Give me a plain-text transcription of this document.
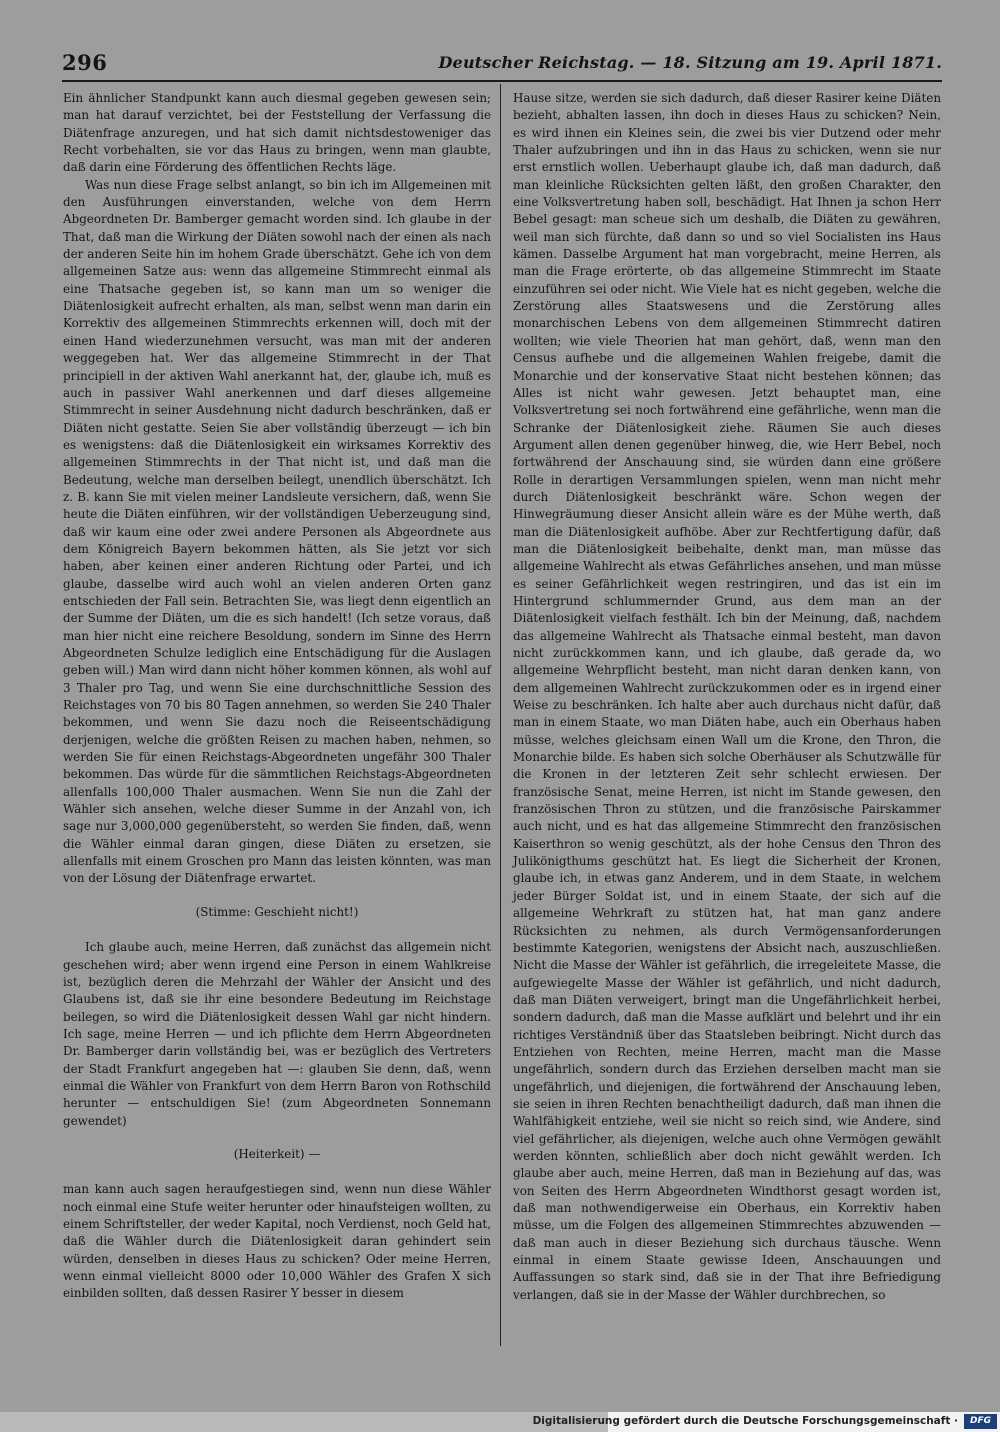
296	Deutscher Reichstag. — 18. Sitzung am 19. April 1871.

Ein ähnlicher Standpunkt kann auch diesmal gegeben gewesen sein; man hat darauf verzichtet, bei der Feststellung der Verfassung die Diätenfrage anzuregen, und hat sich damit nichtsdestoweniger das Recht vorbehalten, sie vor das Haus zu bringen, wenn man glaubte, daß darin eine Förderung des öffentlichen Rechts läge.

Was nun diese Frage selbst anlangt, so bin ich im Allgemeinen mit den Ausführungen einverstanden, welche von dem Herrn Abgeordneten Dr. Bamberger gemacht worden sind. Ich glaube in der That, daß man die Wirkung der Diäten sowohl nach der einen als nach der anderen Seite hin im hohem Grade überschätzt. Gehe ich von dem allgemeinen Satze aus: wenn das allgemeine Stimmrecht einmal als eine Thatsache gegeben ist, so kann man um so weniger die Diätenlosigkeit aufrecht erhalten, als man, selbst wenn man darin ein Korrektiv des allgemeinen Stimmrechts erkennen will, doch mit der einen Hand wiederzunehmen versucht, was man mit der anderen weggegeben hat. Wer das allgemeine Stimmrecht in der That principiell in der aktiven Wahl anerkannt hat, der, glaube ich, muß es auch in passiver Wahl anerkennen und darf dieses allgemeine Stimmrecht in seiner Ausdehnung nicht dadurch beschränken, daß er Diäten nicht gestatte. Seien Sie aber vollständig überzeugt — ich bin es wenigstens: daß die Diätenlosigkeit ein wirksames Korrektiv des allgemeinen Stimmrechts in der That nicht ist, und daß man die Bedeutung, welche man derselben beilegt, unendlich überschätzt. Ich z. B. kann Sie mit vielen meiner Landsleute versichern, daß, wenn Sie heute die Diäten einführen, wir der vollständigen Ueberzeugung sind, daß wir kaum eine oder zwei andere Personen als Abgeordnete aus dem Königreich Bayern bekommen hätten, als Sie jetzt vor sich haben, aber keinen einer anderen Richtung oder Partei, und ich glaube, dasselbe wird auch wohl an vielen anderen Orten ganz entschieden der Fall sein. Betrachten Sie, was liegt denn eigentlich an der Summe der Diäten, um die es sich handelt! (Ich setze voraus, daß man hier nicht eine reichere Besoldung, sondern im Sinne des Herrn Abgeordneten Schulze lediglich eine Entschädigung für die Auslagen geben will.) Man wird dann nicht höher kommen können, als wohl auf 3 Thaler pro Tag, und wenn Sie eine durchschnittliche Session des Reichstages von 70 bis 80 Tagen annehmen, so werden Sie 240 Thaler bekommen, und wenn Sie dazu noch die Reiseentschädigung derjenigen, welche die größten Reisen zu machen haben, nehmen, so werden Sie für einen Reichstags-Abgeordneten ungefähr 300 Thaler bekommen. Das würde für die sämmtlichen Reichstags-Abgeordneten allenfalls 100,000 Thaler ausmachen. Wenn Sie nun die Zahl der Wähler sich ansehen, welche dieser Summe in der Anzahl von, ich sage nur 3,000,000 gegenübersteht, so werden Sie finden, daß, wenn die Wähler einmal daran gingen, diese Diäten zu ersetzen, sie allenfalls mit einem Groschen pro Mann das leisten könnten, was man von der Lösung der Diätenfrage erwartet.

(Stimme: Geschieht nicht!)

Ich glaube auch, meine Herren, daß zunächst das allgemein nicht geschehen wird; aber wenn irgend eine Person in einem Wahlkreise ist, bezüglich deren die Mehrzahl der Wähler der Ansicht und des Glaubens ist, daß sie ihr eine besondere Bedeutung im Reichstage beilegen, so wird die Diätenlosigkeit dessen Wahl gar nicht hindern. Ich sage, meine Herren — und ich pflichte dem Herrn Abgeordneten Dr. Bamberger darin vollständig bei, was er bezüglich des Vertreters der Stadt Frankfurt angegeben hat —: glauben Sie denn, daß, wenn einmal die Wähler von Frankfurt von dem Herrn Baron von Rothschild herunter — entschuldigen Sie! (zum Abgeordneten Sonnemann gewendet)

(Heiterkeit) —

man kann auch sagen heraufgestiegen sind, wenn nun diese Wähler noch einmal eine Stufe weiter herunter oder hinaufsteigen wollten, zu einem Schriftsteller, der weder Kapital, noch Verdienst, noch Geld hat, daß die Wähler durch die Diätenlosigkeit daran gehindert sein würden, denselben in dieses Haus zu schicken? Oder meine Herren, wenn einmal vielleicht 8000 oder 10,000 Wähler des Grafen X sich einbilden sollten, daß dessen Rasirer Y besser in diesem

Hause sitze, werden sie sich dadurch, daß dieser Rasirer keine Diäten bezieht, abhalten lassen, ihn doch in dieses Haus zu schicken? Nein, es wird ihnen ein Kleines sein, die zwei bis vier Dutzend oder mehr Thaler aufzubringen und ihn in das Haus zu schicken, wenn sie nur erst ernstlich wollen. Ueberhaupt glaube ich, daß man dadurch, daß man kleinliche Rücksichten gelten läßt, den großen Charakter, den eine Volksvertretung haben soll, beschädigt. Hat Ihnen ja schon Herr Bebel gesagt: man scheue sich um deshalb, die Diäten zu gewähren, weil man sich fürchte, daß dann so und so viel Socialisten ins Haus kämen. Dasselbe Argument hat man vorgebracht, meine Herren, als man die Frage erörterte, ob das allgemeine Stimmrecht im Staate einzuführen sei oder nicht. Wie Viele hat es nicht gegeben, welche die Zerstörung alles Staatswesens und die Zerstörung alles monarchischen Lebens von dem allgemeinen Stimmrecht datiren wollten; wie viele Theorien hat man gehört, daß, wenn man den Census aufhebe und die allgemeinen Wahlen freigebe, damit die Monarchie und der konservative Staat nicht bestehen können; das Alles ist nicht wahr gewesen. Jetzt behauptet man, eine Volksvertretung sei noch fortwährend eine gefährliche, wenn man die Schranke der Diätenlosigkeit ziehe. Räumen Sie auch dieses Argument allen denen gegenüber hinweg, die, wie Herr Bebel, noch fortwährend der Anschauung sind, sie würden dann eine größere Rolle in derartigen Versammlungen spielen, wenn man nicht mehr durch Diätenlosigkeit beschränkt wäre. Schon wegen der Hinwegräumung dieser Ansicht allein wäre es der Mühe werth, daß man die Diätenlosigkeit aufhöbe. Aber zur Rechtfertigung dafür, daß man die Diätenlosigkeit beibehalte, denkt man, man müsse das allgemeine Wahlrecht als etwas Gefährliches ansehen, und man müsse es seiner Gefährlichkeit wegen restringiren, und das ist ein im Hintergrund schlummernder Grund, aus dem man an der Diätenlosigkeit vielfach festhält. Ich bin der Meinung, daß, nachdem das allgemeine Wahlrecht als Thatsache einmal besteht, man davon nicht zurückkommen kann, und ich glaube, daß gerade da, wo allgemeine Wehrpflicht besteht, man nicht daran denken kann, von dem allgemeinen Wahlrecht zurückzukommen oder es in irgend einer Weise zu beschränken. Ich halte aber auch durchaus nicht dafür, daß man in einem Staate, wo man Diäten habe, auch ein Oberhaus haben müsse, welches gleichsam einen Wall um die Krone, den Thron, die Monarchie bilde. Es haben sich solche Oberhäuser als Schutzwälle für die Kronen in der letzteren Zeit sehr schlecht erwiesen. Der französische Senat, meine Herren, ist nicht im Stande gewesen, den französischen Thron zu stützen, und die französische Pairskammer auch nicht, und es hat das allgemeine Stimmrecht den französischen Kaiserthron so wenig geschützt, als der hohe Census den Thron des Julikönigthums geschützt hat. Es liegt die Sicherheit der Kronen, glaube ich, in etwas ganz Anderem, und in dem Staate, in welchem jeder Bürger Soldat ist, und in einem Staate, der sich auf die allgemeine Wehrkraft zu stützen hat, hat man ganz andere Rücksichten zu nehmen, als durch Vermögensanforderungen bestimmte Kategorien, wenigstens der Absicht nach, auszuschließen. Nicht die Masse der Wähler ist gefährlich, die irregeleitete Masse, die aufgewiegelte Masse der Wähler ist gefährlich, und nicht dadurch, daß man Diäten verweigert, bringt man die Ungefährlichkeit herbei, sondern dadurch, daß man die Masse aufklärt und belehrt und ihr ein richtiges Verständniß über das Staatsleben beibringt. Nicht durch das Entziehen von Rechten, meine Herren, macht man die Masse ungefährlich, sondern durch das Erziehen derselben macht man sie ungefährlich, und diejenigen, die fortwährend der Anschauung leben, sie seien in ihren Rechten benachtheiligt dadurch, daß man ihnen die Wahlfähigkeit entziehe, weil sie nicht so reich sind, wie Andere, sind viel gefährlicher, als diejenigen, welche auch ohne Vermögen gewählt werden könnten, schließlich aber doch nicht gewählt werden. Ich glaube aber auch, meine Herren, daß man in Beziehung auf das, was von Seiten des Herrn Abgeordneten Windthorst gesagt worden ist, daß man nothwendigerweise ein Oberhaus, ein Korrektiv haben müsse, um die Folgen des allgemeinen Stimmrechtes abzuwenden — daß man auch in dieser Beziehung sich durchaus täusche. Wenn einmal in einem Staate gewisse Ideen, Anschauungen und Auffassungen so stark sind, daß sie in der That ihre Befriedigung verlangen, daß sie in der Masse der Wähler durchbrechen, so

Digitalisierung gefördert durch die Deutsche Forschungsgemeinschaft ·	DFG
